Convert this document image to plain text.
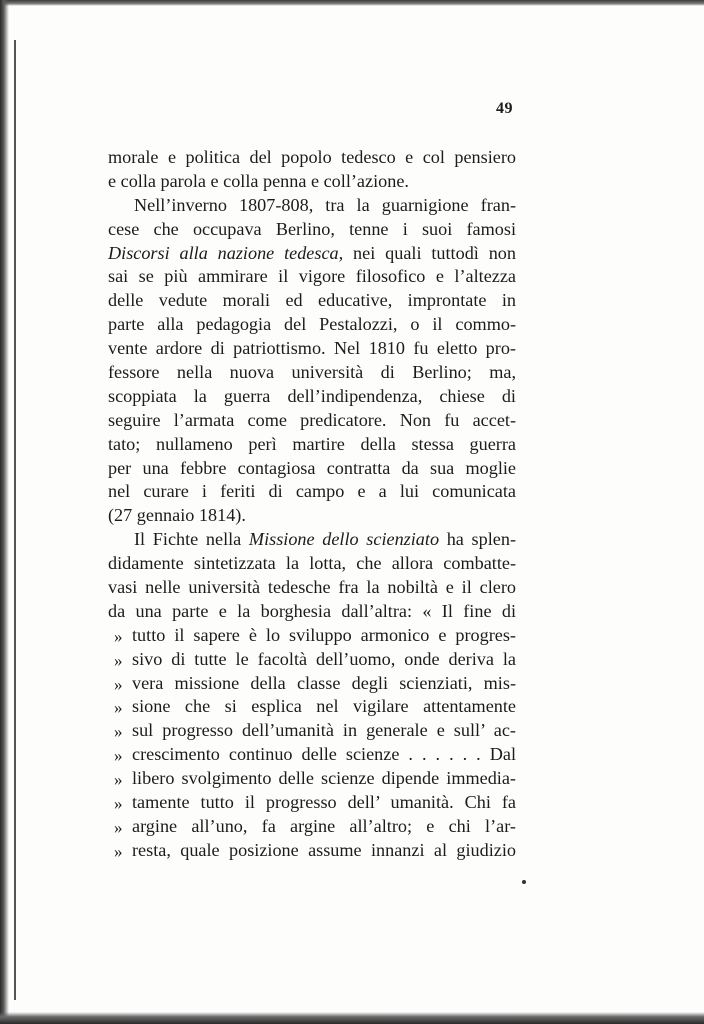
49
morale e politica del popolo tedesco e col pensiero
e colla parola e colla penna e coll’azione.
Nell’inverno 1807-808, tra la guarnigione fran-
cese che occupava Berlino, tenne i suoi famosi
Discorsi alla nazione tedesca, nei quali tuttodì non
sai se più ammirare il vigore filosofico e l’altezza
delle vedute morali ed educative, improntate in
parte alla pedagogia del Pestalozzi, o il commo-
vente ardore di patriottismo. Nel 1810 fu eletto pro-
fessore nella nuova università di Berlino; ma,
scoppiata la guerra dell’indipendenza, chiese di
seguire l’armata come predicatore. Non fu accet-
tato; nullameno perì martire della stessa guerra
per una febbre contagiosa contratta da sua moglie
nel curare i feriti di campo e a lui comunicata
(27 gennaio 1814).
Il Fichte nella Missione dello scienziato ha splen-
didamente sintetizzata la lotta, che allora combatte-
vasi nelle università tedesche fra la nobiltà e il clero
da una parte e la borghesia dall’altra: « Il fine di
» tutto il sapere è lo sviluppo armonico e progres-
» sivo di tutte le facoltà dell’uomo, onde deriva la
» vera missione della classe degli scienziati, mis-
» sione che si esplica nel vigilare attentamente
» sul progresso dell’umanità in generale e sull’ ac-
» crescimento continuo delle scienze . . . . . . Dal
» libero svolgimento delle scienze dipende immedia-
» tamente tutto il progresso dell’ umanità. Chi fa
» argine all’uno, fa argine all’altro; e chi l’ar-
» resta, quale posizione assume innanzi al giudizio
